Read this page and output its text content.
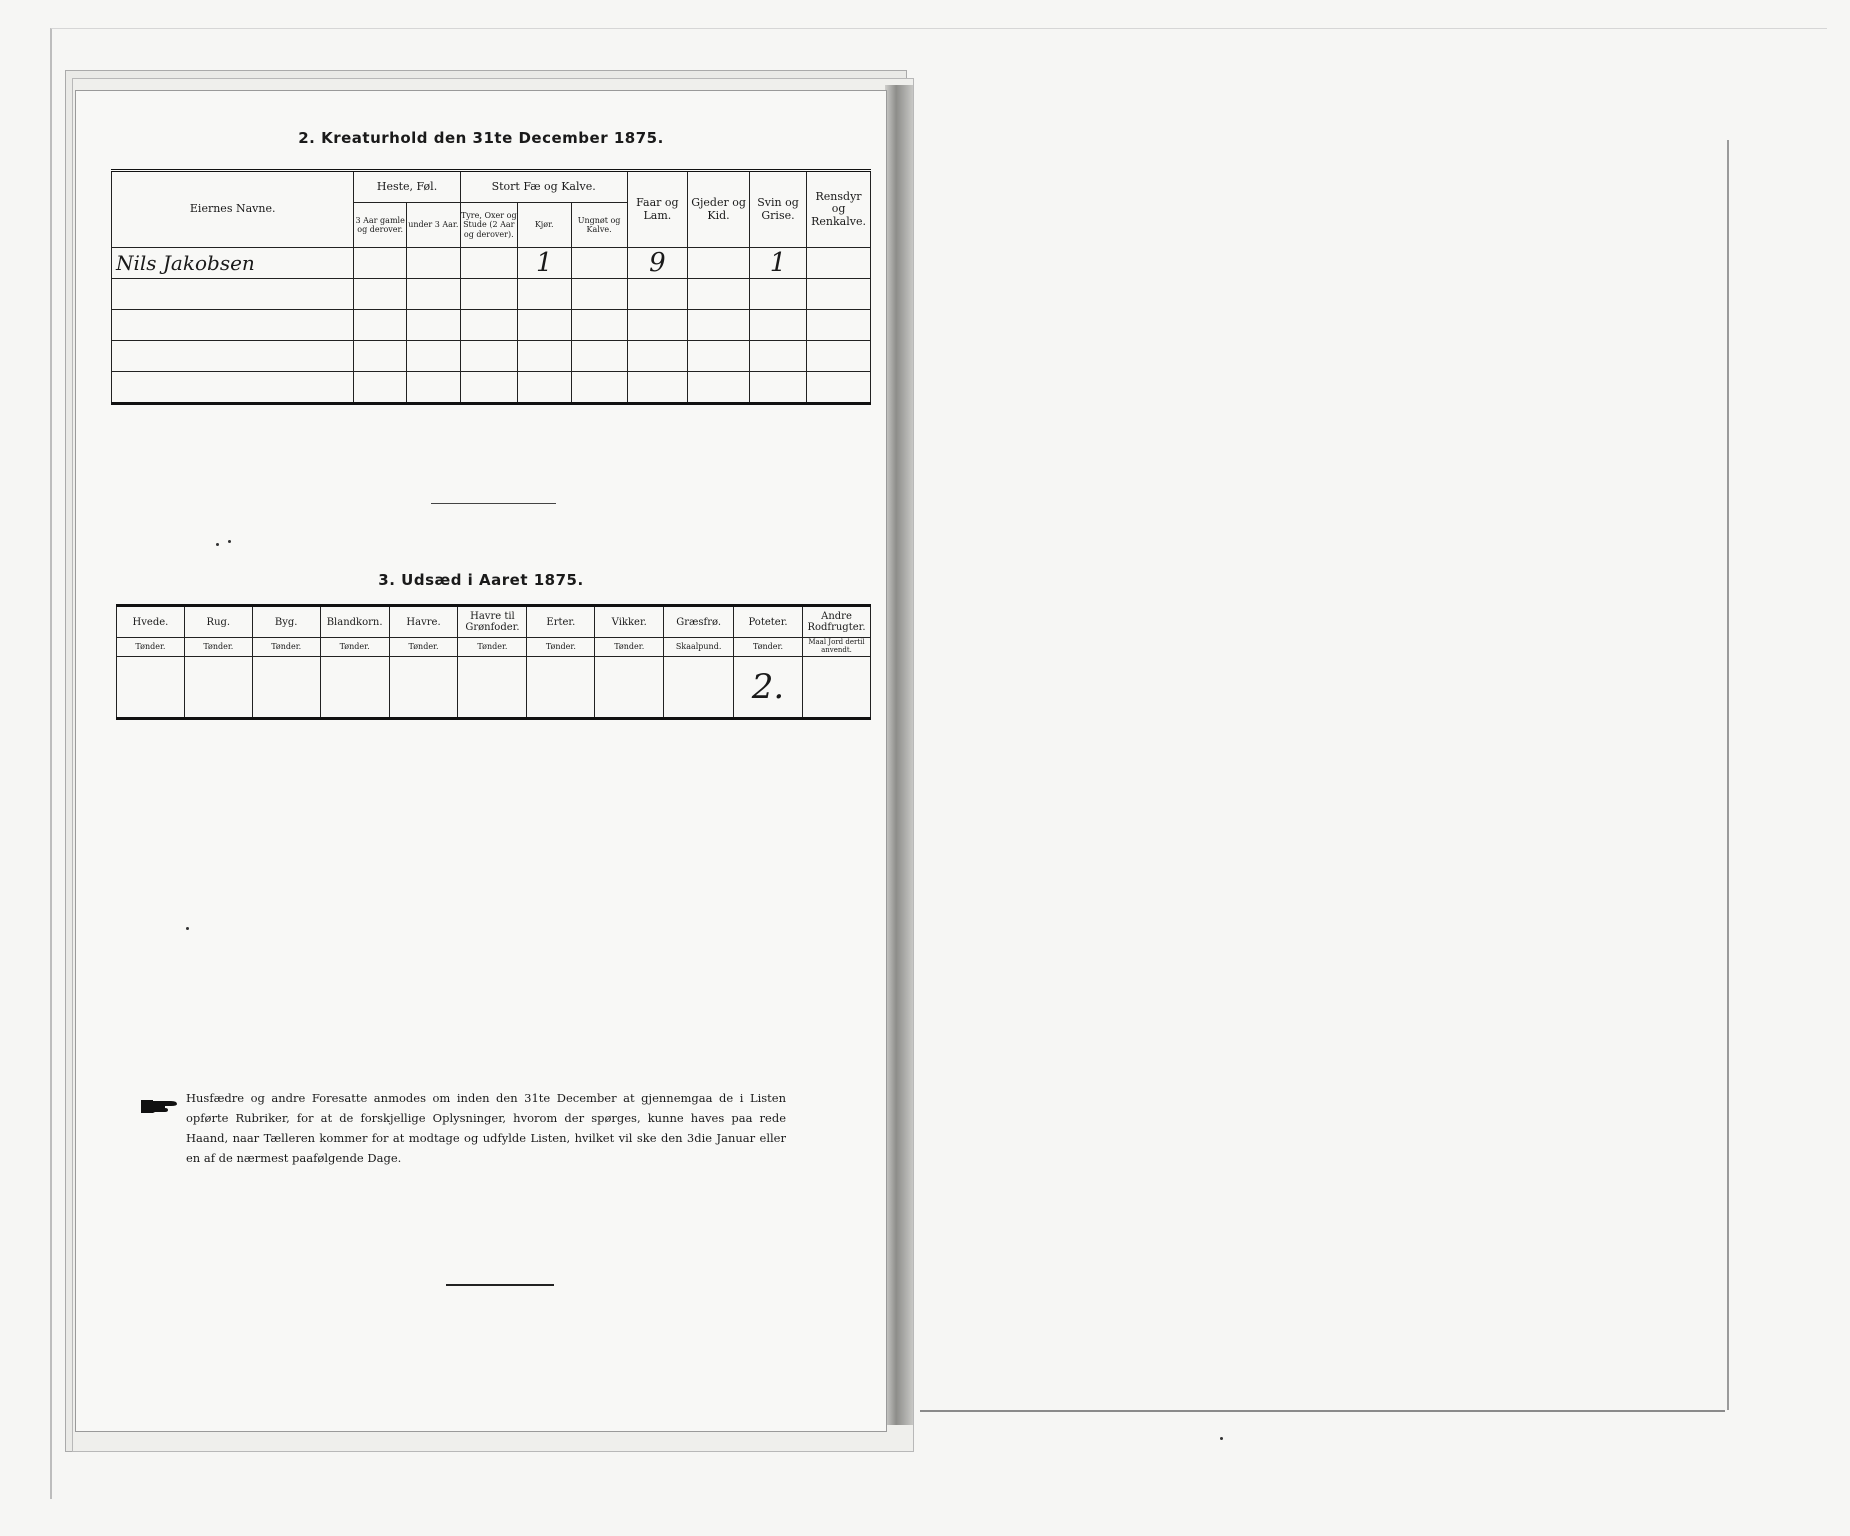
2. Kreaturhold den 31te December 1875.
Eiernes Navne.	Heste, Føl.		Stort Fæ og Kalve.			Faar og Lam.	Gjeder og Kid.	Svin og Grise.	Rensdyr og Renkalve.
	3 Aar gamle og derover.	under 3 Aar.	Tyre, Oxer og Stude (2 Aar og derover).	Kjør.	Ungnøt og Kalve.				
Nils Jakobsen				1		9		1	

3. Udsæd i Aaret 1875.
Hvede.	Rug.	Byg.	Blandkorn.	Havre.	Havre til Grønfoder.	Erter.	Vikker.	Græsfrø.	Poteter.	Andre Rodfrugter.
Tønder.	Tønder.	Tønder.	Tønder.	Tønder.	Tønder.	Tønder.	Tønder.	Skaalpund.	Tønder.	Maal Jord dertil anvendt.
									2.	
Husfædre og andre Foresatte anmodes om inden den 31te December at gjennemgaa de i Listen opførte Rubriker, for at de forskjellige Oplysninger, hvorom der spørges, kunne haves paa rede Haand, naar Tælleren kommer for at modtage og udfylde Listen, hvilket vil ske den 3die Januar eller en af de nærmest paafølgende Dage.
